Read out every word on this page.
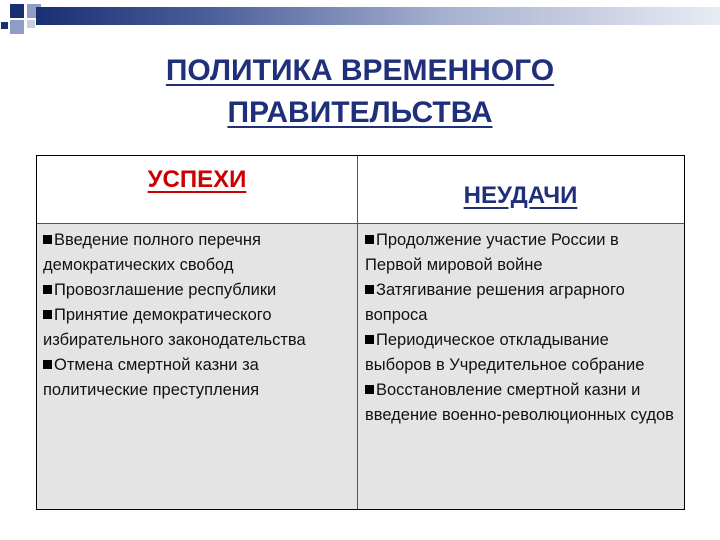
ПОЛИТИКА ВРЕМЕННОГО
ПРАВИТЕЛЬСТВА
УСПЕХИ
НЕУДАЧИ

Введение полного перечня демократических свобод

Провозглашение республики

Принятие демократического избирательного законодательства

Отмена смертной казни за политические преступления

Продолжение участие России в Первой мировой войне

Затягивание решения аграрного вопроса

Периодическое откладывание выборов в Учредительное собрание

Восстановление смертной казни и введение военно-революционных судов
